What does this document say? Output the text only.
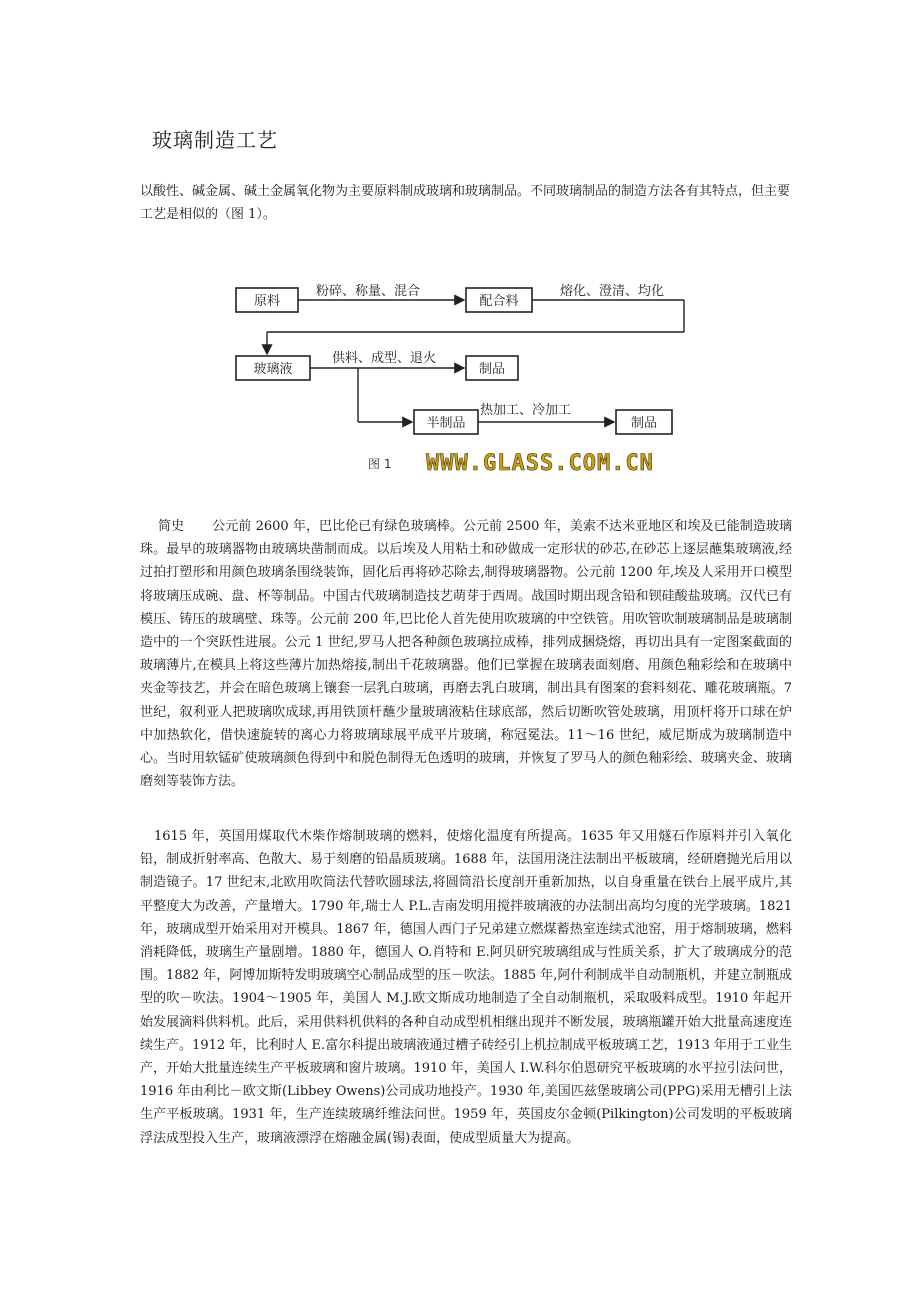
玻璃制造工艺
以酸性、碱金属、碱土金属氧化物为主要原料制成玻璃和玻璃制品。不同玻璃制品的制造方法各有其特点，但主要工艺是相似的（图 1）。
原料
粉碎、称量、混合
配合料
熔化、澄清、均化
玻璃液
供料、成型、退火
制品
半制品
热加工、冷加工
制品
图 1 WWW.GLASS.COM.CN
简史 公元前 2600 年，巴比伦已有绿色玻璃棒。公元前 2500 年，美索不达米亚地区和埃及已能制造玻璃珠。最早的玻璃器物由玻璃块凿制而成。以后埃及人用粘土和砂做成一定形状的砂芯,在砂芯上逐层蘸集玻璃液,经过拍打塑形和用颜色玻璃条围绕装饰，固化后再将砂芯除去,制得玻璃器物。公元前 1200 年,埃及人采用开口模型将玻璃压成碗、盘、杯等制品。中国古代玻璃制造技艺萌芽于西周。战国时期出现含铅和钡硅酸盐玻璃。汉代已有模压、铸压的玻璃壁、珠等。公元前 200 年,巴比伦人首先使用吹玻璃的中空铁管。用吹管吹制玻璃制品是玻璃制造中的一个突跃性进展。公元 1 世纪,罗马人把各种颜色玻璃拉成棒，排列成捆烧熔，再切出具有一定图案截面的玻璃薄片,在模具上将这些薄片加热熔接,制出千花玻璃器。他们已掌握在玻璃表面刻磨、用颜色釉彩绘和在玻璃中夹金等技艺，并会在暗色玻璃上镶套一层乳白玻璃，再磨去乳白玻璃，制出具有图案的套料刻花、雕花玻璃瓶。7 世纪，叙利亚人把玻璃吹成球,再用铁顶杆蘸少量玻璃液粘住球底部，然后切断吹管处玻璃，用顶杆将开口球在炉中加热软化，借快速旋转的离心力将玻璃球展平成平片玻璃，称冠冕法。11～16 世纪，威尼斯成为玻璃制造中心。当时用软锰矿使玻璃颜色得到中和脱色制得无色透明的玻璃，并恢复了罗马人的颜色釉彩绘、玻璃夹金、玻璃磨刻等装饰方法。
1615 年，英国用煤取代木柴作熔制玻璃的燃料，使熔化温度有所提高。1635 年又用燧石作原料并引入氧化铅，制成折射率高、色散大、易于刻磨的铅晶质玻璃。1688 年，法国用浇注法制出平板玻璃，经研磨抛光后用以制造镜子。17 世纪末,北欧用吹筒法代替吹圆球法,将圆筒沿长度剖开重新加热，以自身重量在铁台上展平成片,其平整度大为改善，产量增大。1790 年,瑞士人 P.L.吉南发明用搅拌玻璃液的办法制出高均匀度的光学玻璃。1821 年，玻璃成型开始采用对开模具。1867 年，德国人西门子兄弟建立燃煤蓄热室连续式池窑，用于熔制玻璃，燃料消耗降低，玻璃生产量剧增。1880 年，德国人 O.肖特和 E.阿贝研究玻璃组成与性质关系，扩大了玻璃成分的范围。1882 年，阿博加斯特发明玻璃空心制品成型的压－吹法。1885 年,阿什利制成半自动制瓶机，并建立制瓶成型的吹－吹法。1904～1905 年，美国人 M.J.欧文斯成功地制造了全自动制瓶机，采取吸料成型。1910 年起开始发展滴料供料机。此后，采用供料机供料的各种自动成型机相继出现并不断发展，玻璃瓶罐开始大批量高速度连续生产。1912 年，比利时人 E.富尔科提出玻璃液通过槽子砖经引上机拉制成平板玻璃工艺，1913 年用于工业生产，开始大批量连续生产平板玻璃和窗片玻璃。1910 年，美国人 I.W.科尔伯恩研究平板玻璃的水平拉引法问世，1916 年由利比－欧文斯(Libbey Owens)公司成功地投产。1930 年,美国匹兹堡玻璃公司(PPG)采用无槽引上法生产平板玻璃。1931 年，生产连续玻璃纤维法问世。1959 年，英国皮尔金顿(Pilkington)公司发明的平板玻璃浮法成型投入生产，玻璃液漂浮在熔融金属(锡)表面，使成型质量大为提高。
